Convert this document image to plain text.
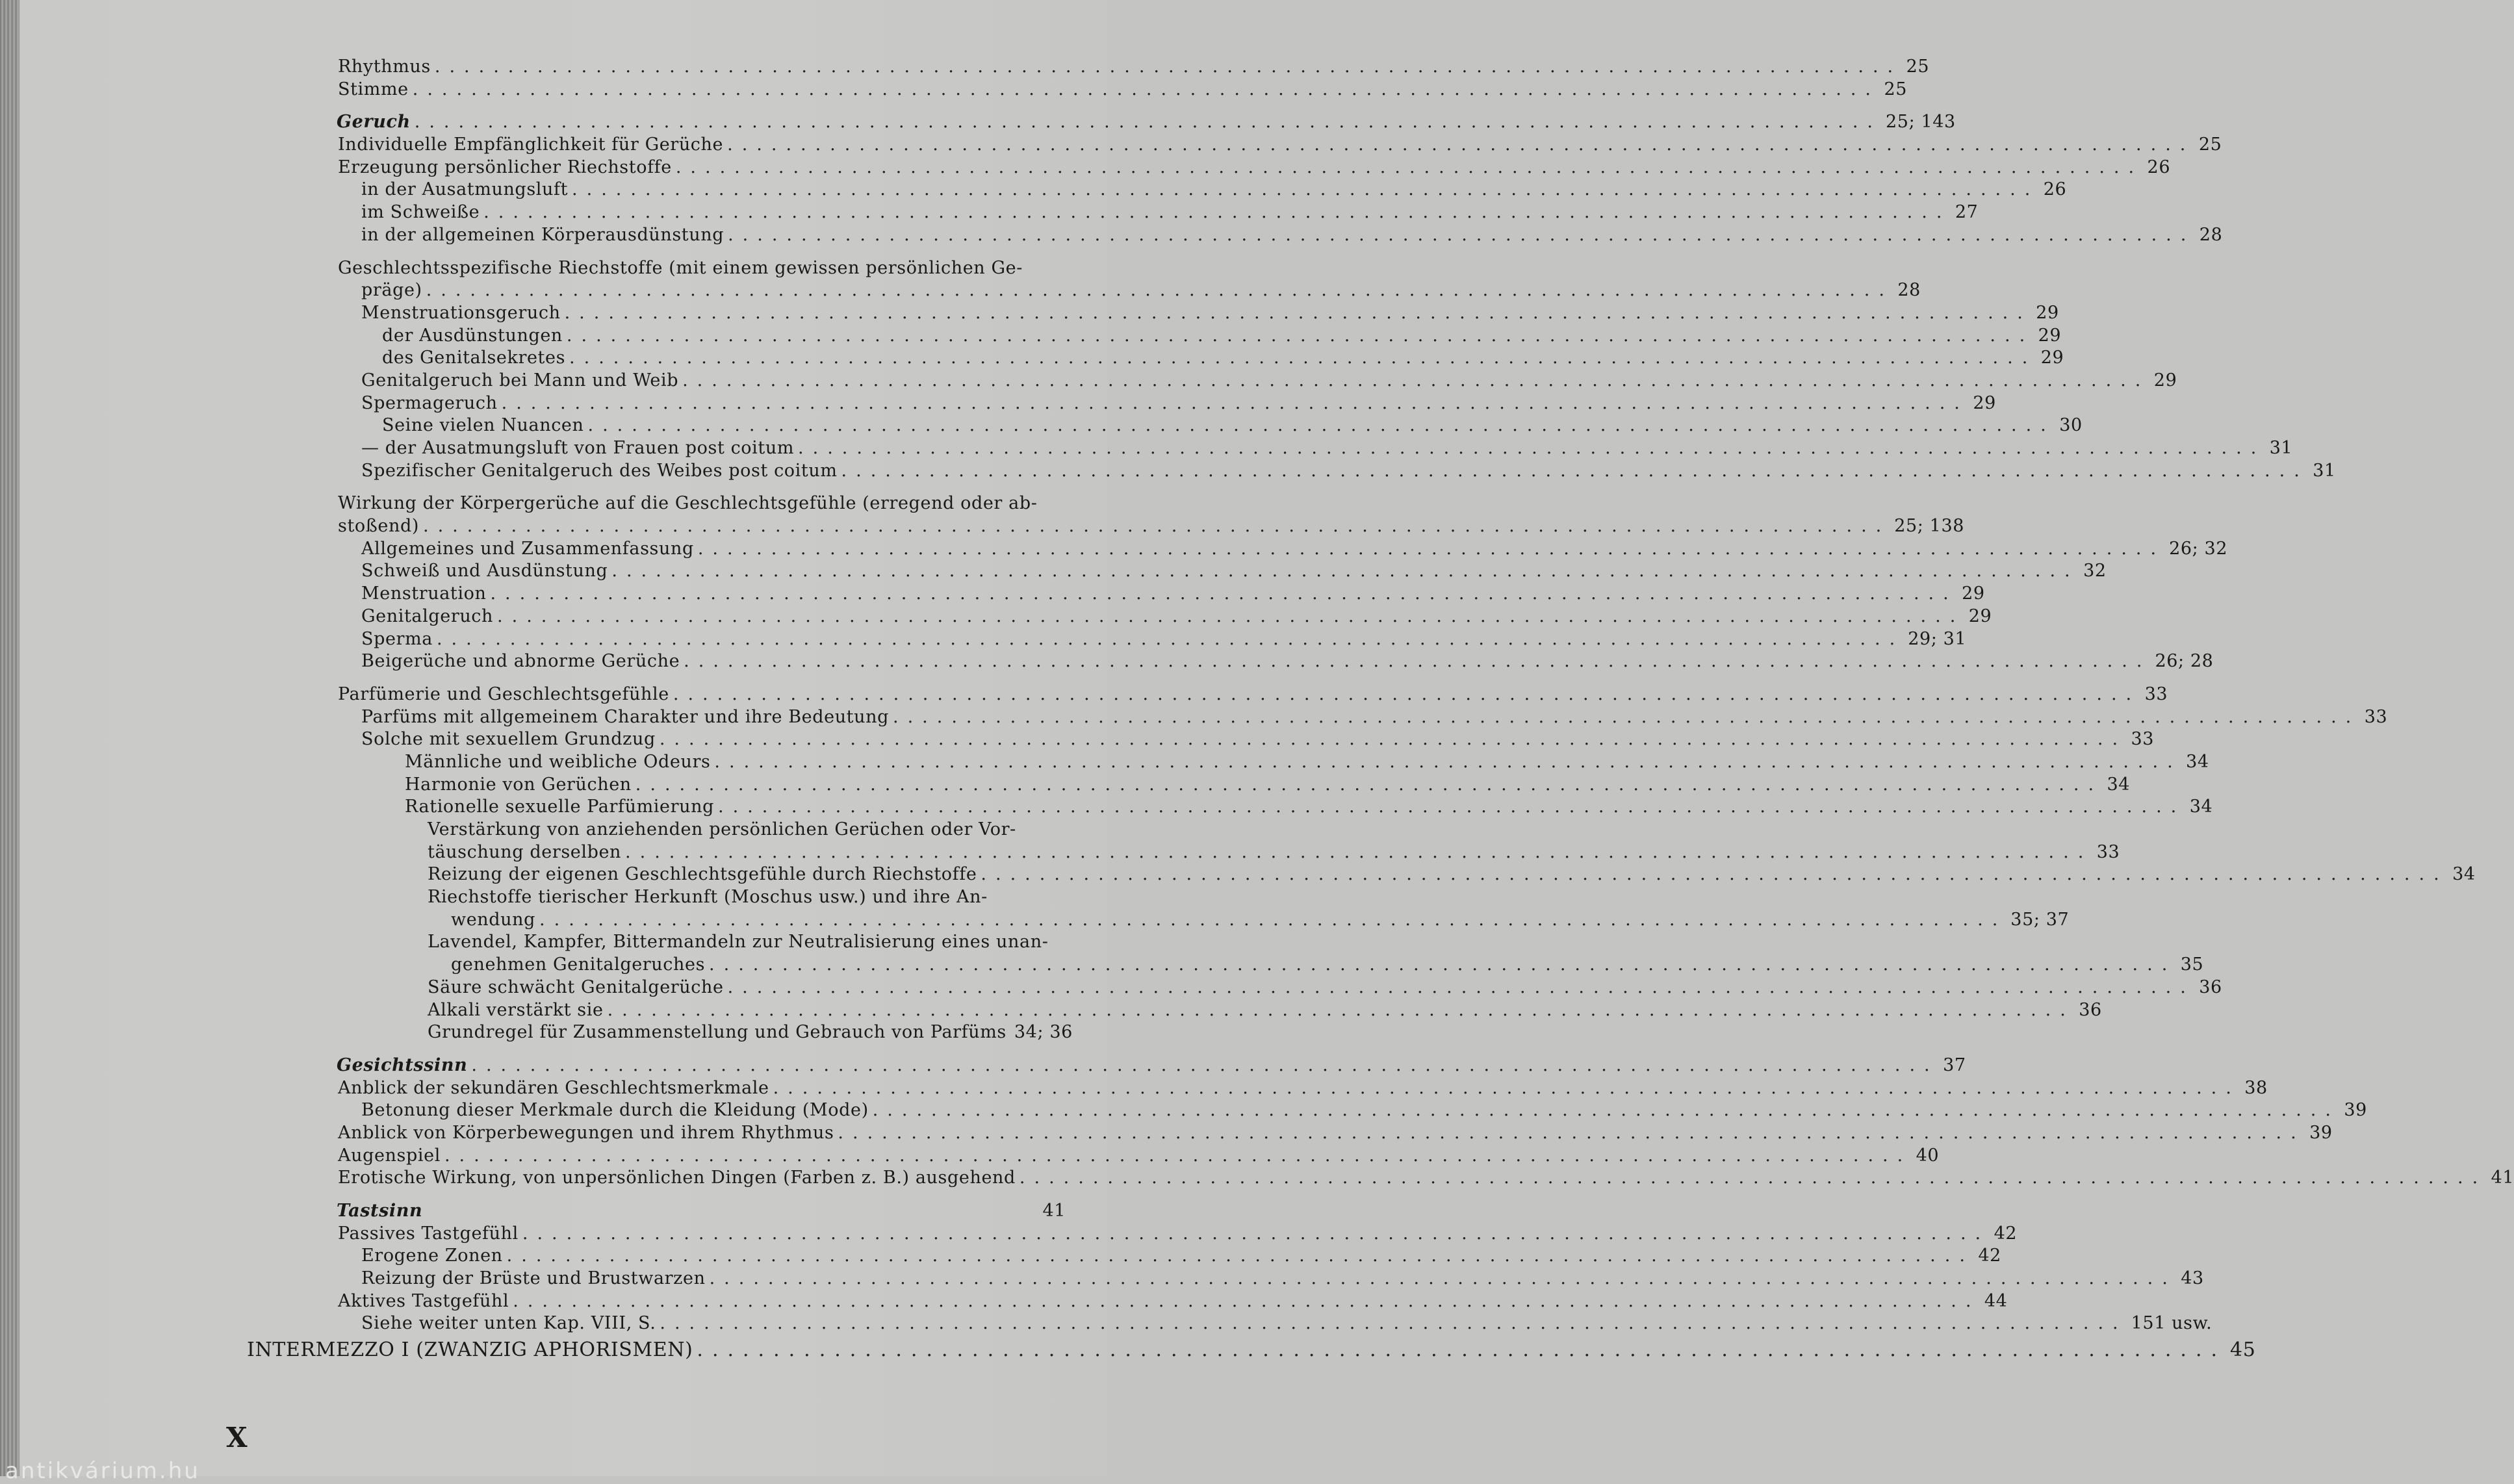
Rhythmus .................................................................................................... 25
Stimme .................................................................................................... 25
Geruch .................................................................................................... 25; 143
Individuelle Empfänglichkeit für Gerüche .................................................................................................... 25
Erzeugung persönlicher Riechstoffe .................................................................................................... 26
in der Ausatmungsluft .................................................................................................... 26
im Schweiße .................................................................................................... 27
in der allgemeinen Körperausdünstung .................................................................................................... 28
Geschlechtsspezifische Riechstoffe (mit einem gewissen persönlichen Ge-
präge) .................................................................................................... 28
Menstruationsgeruch .................................................................................................... 29
der Ausdünstungen .................................................................................................... 29
des Genitalsekretes .................................................................................................... 29
Genitalgeruch bei Mann und Weib .................................................................................................... 29
Spermageruch .................................................................................................... 29
Seine vielen Nuancen .................................................................................................... 30
— der Ausatmungsluft von Frauen post coitum .................................................................................................... 31
Spezifischer Genitalgeruch des Weibes post coitum .................................................................................................... 31
Wirkung der Körpergerüche auf die Geschlechtsgefühle (erregend oder ab-
stoßend) .................................................................................................... 25; 138
Allgemeines und Zusammenfassung .................................................................................................... 26; 32
Schweiß und Ausdünstung .................................................................................................... 32
Menstruation .................................................................................................... 29
Genitalgeruch .................................................................................................... 29
Sperma .................................................................................................... 29; 31
Beigerüche und abnorme Gerüche .................................................................................................... 26; 28
Parfümerie und Geschlechtsgefühle .................................................................................................... 33
Parfüms mit allgemeinem Charakter und ihre Bedeutung .................................................................................................... 33
Solche mit sexuellem Grundzug .................................................................................................... 33
Männliche und weibliche Odeurs .................................................................................................... 34
Harmonie von Gerüchen .................................................................................................... 34
Rationelle sexuelle Parfümierung .................................................................................................... 34
Verstärkung von anziehenden persönlichen Gerüchen oder Vor-
täuschung derselben .................................................................................................... 33
Reizung der eigenen Geschlechtsgefühle durch Riechstoffe .................................................................................................... 34
Riechstoffe tierischer Herkunft (Moschus usw.) und ihre An-
wendung .................................................................................................... 35; 37
Lavendel, Kampfer, Bittermandeln zur Neutralisierung eines unan-
genehmen Genitalgeruches .................................................................................................... 35
Säure schwächt Genitalgerüche .................................................................................................... 36
Alkali verstärkt sie .................................................................................................... 36
Grundregel für Zusammenstellung und Gebrauch von Parfüms 34; 36
Gesichtssinn .................................................................................................... 37
Anblick der sekundären Geschlechtsmerkmale .................................................................................................... 38
Betonung dieser Merkmale durch die Kleidung (Mode) .................................................................................................... 39
Anblick von Körperbewegungen und ihrem Rhythmus .................................................................................................... 39
Augenspiel .................................................................................................... 40
Erotische Wirkung, von unpersönlichen Dingen (Farben z. B.) ausgehend .................................................................................................... 41
Tastsinn	41
Passives Tastgefühl .................................................................................................... 42
Erogene Zonen .................................................................................................... 42
Reizung der Brüste und Brustwarzen .................................................................................................... 43
Aktives Tastgefühl .................................................................................................... 44
Siehe weiter unten Kap. VIII, S. .................................................................................................... 151 usw.
INTERMEZZO I (ZWANZIG APHORISMEN) .................................................................................................... 45
X
antikvárium.hu
